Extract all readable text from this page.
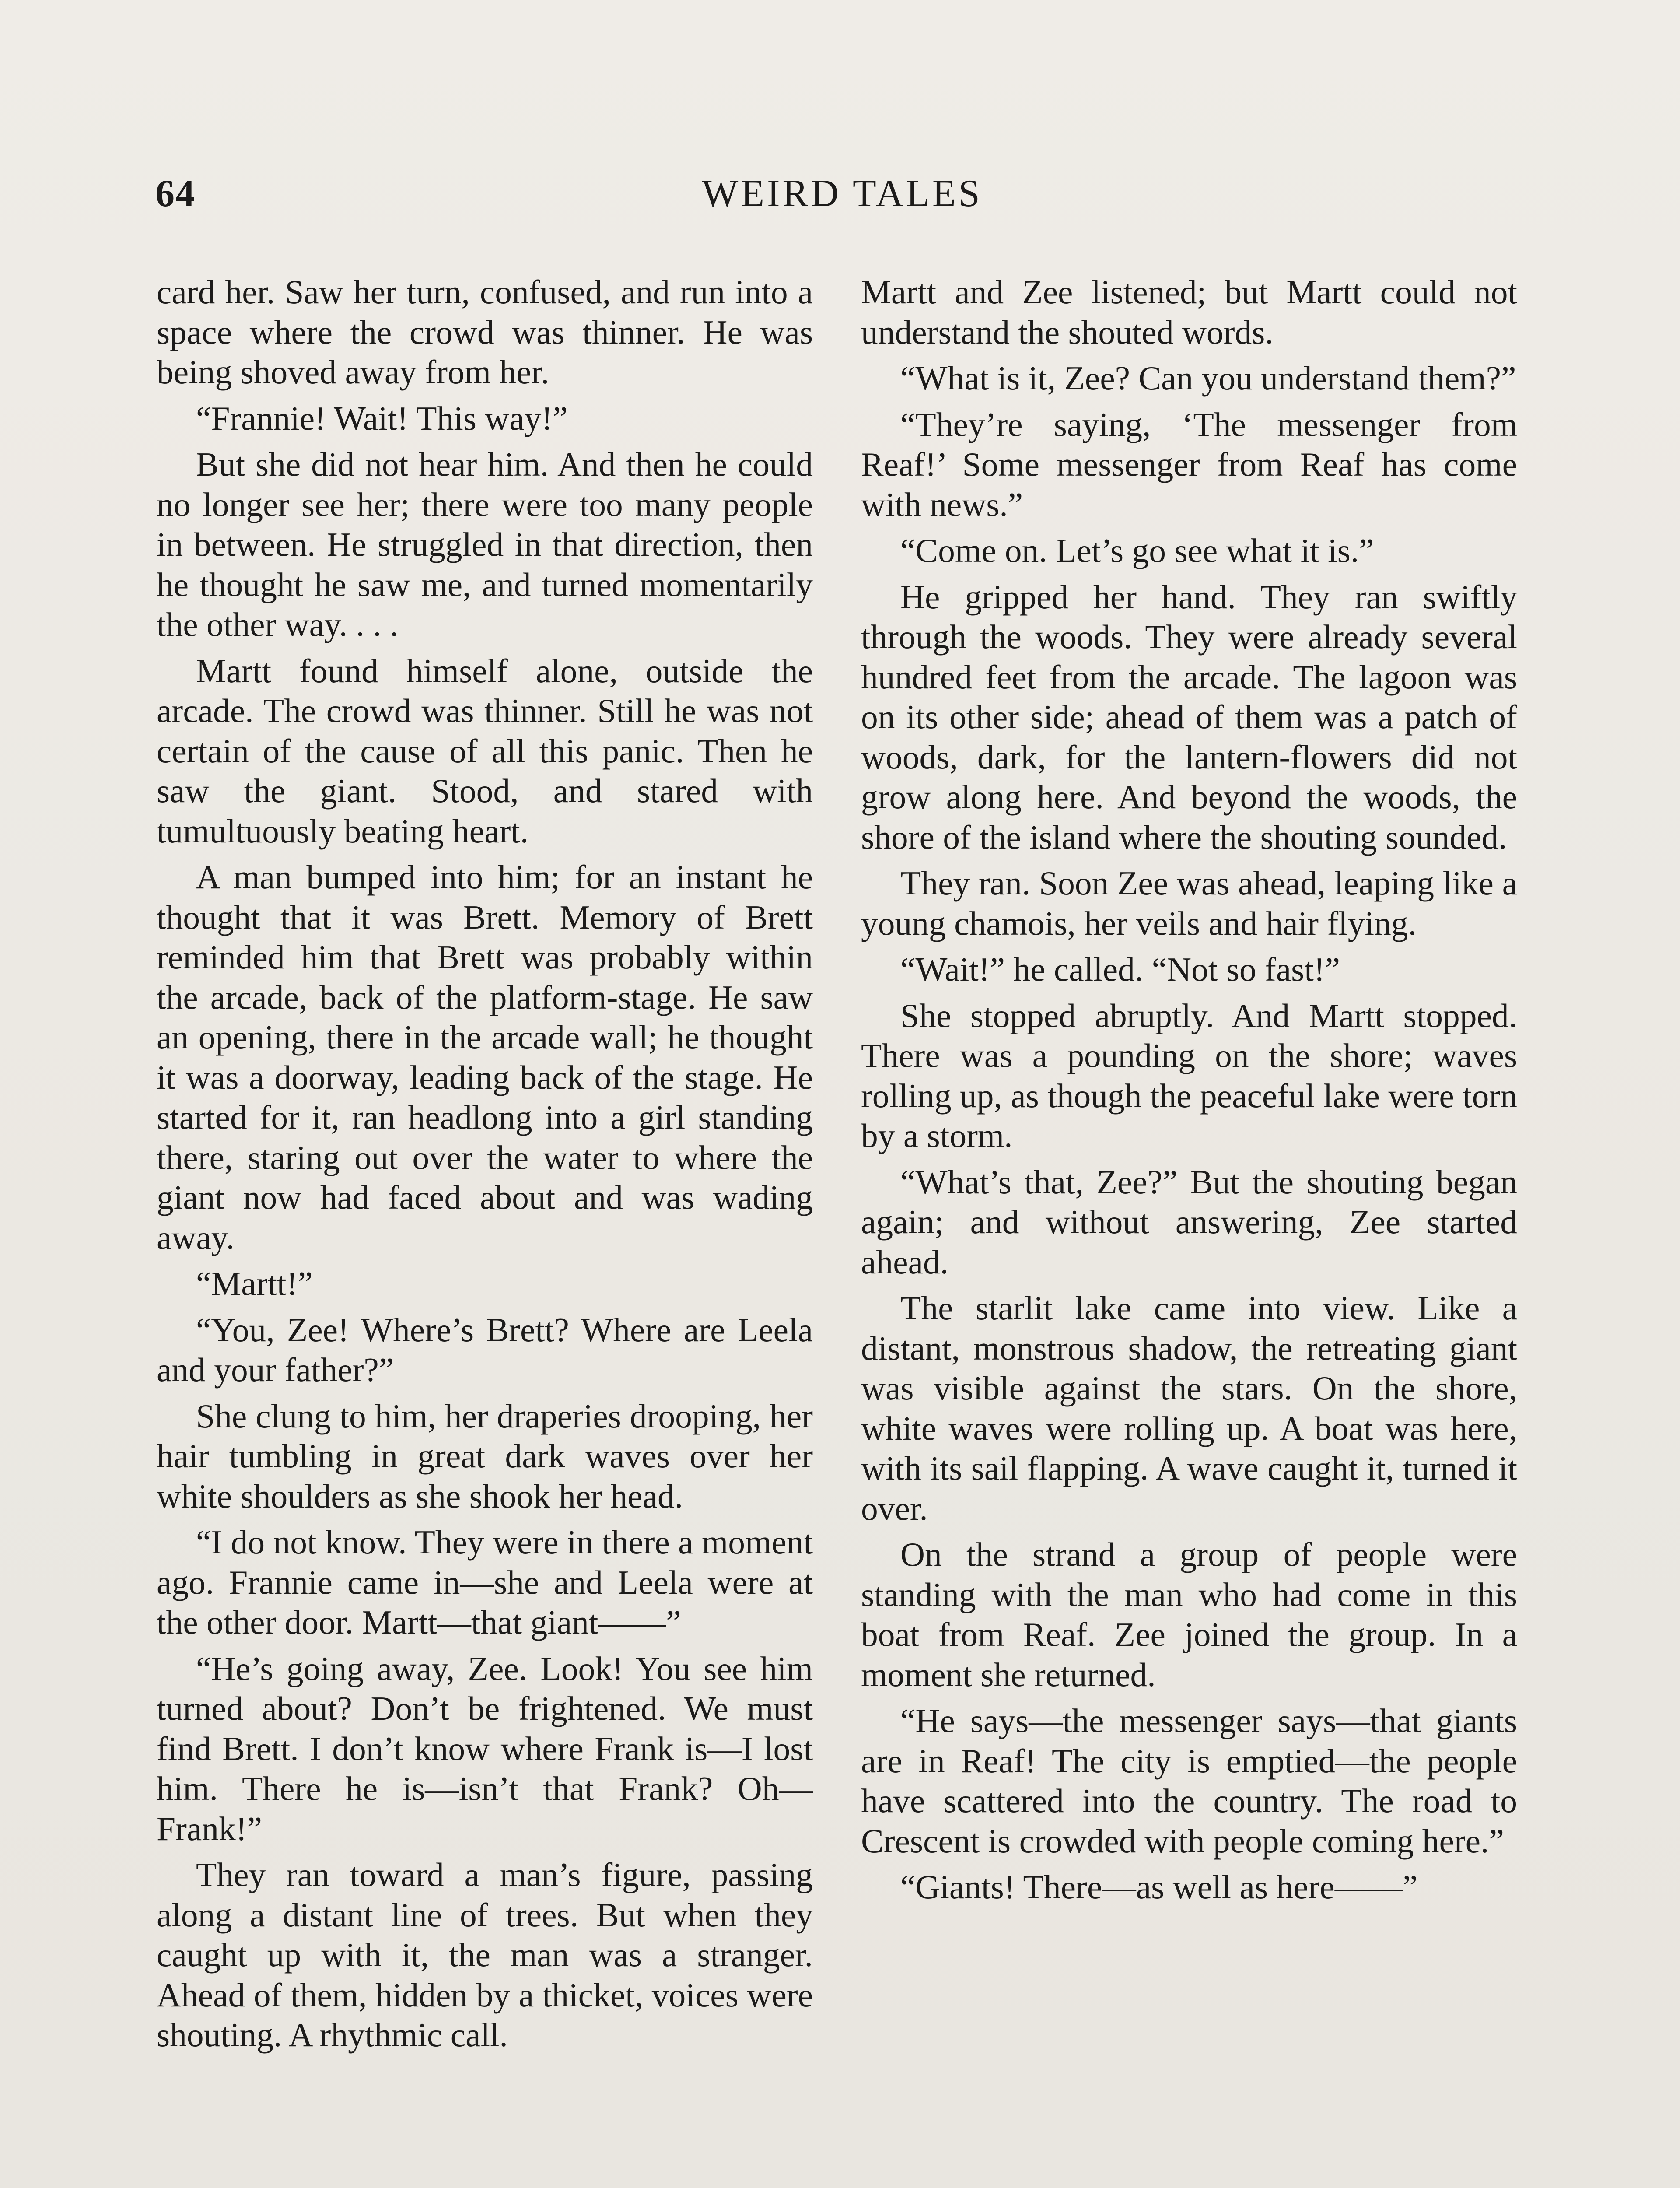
64	WEIRD TALES

card her. Saw her turn, confused, and run into a space where the crowd was thinner. He was being shoved away from her.

“Frannie! Wait! This way!”

But she did not hear him. And then he could no longer see her; there were too many people in between. He struggled in that direction, then he thought he saw me, and turned momentarily the other way. . . .

Martt found himself alone, outside the arcade. The crowd was thinner. Still he was not certain of the cause of all this panic. Then he saw the giant. Stood, and stared with tumultuously beating heart.

A man bumped into him; for an instant he thought that it was Brett. Memory of Brett reminded him that Brett was probably within the arcade, back of the platform-stage. He saw an opening, there in the arcade wall; he thought it was a doorway, leading back of the stage. He started for it, ran headlong into a girl standing there, staring out over the water to where the giant now had faced about and was wading away.

“Martt!”

“You, Zee! Where’s Brett? Where are Leela and your father?”

She clung to him, her draperies drooping, her hair tumbling in great dark waves over her white shoulders as she shook her head.

“I do not know. They were in there a moment ago. Frannie came in—she and Leela were at the other door. Martt—that giant——”

“He’s going away, Zee. Look! You see him turned about? Don’t be frightened. We must find Brett. I don’t know where Frank is—I lost him. There he is—isn’t that Frank? Oh—Frank!”

They ran toward a man’s figure, passing along a distant line of trees. But when they caught up with it, the man was a stranger. Ahead of them, hidden by a thicket, voices were shouting. A rhythmic call.

Martt and Zee listened; but Martt could not understand the shouted words.

“What is it, Zee? Can you understand them?”

“They’re saying, ‘The messenger from Reaf!’ Some messenger from Reaf has come with news.”

“Come on. Let’s go see what it is.”

He gripped her hand. They ran swiftly through the woods. They were already several hundred feet from the arcade. The lagoon was on its other side; ahead of them was a patch of woods, dark, for the lantern-flowers did not grow along here. And beyond the woods, the shore of the island where the shouting sounded.

They ran. Soon Zee was ahead, leaping like a young chamois, her veils and hair flying.

“Wait!” he called. “Not so fast!”

She stopped abruptly. And Martt stopped. There was a pounding on the shore; waves rolling up, as though the peaceful lake were torn by a storm.

“What’s that, Zee?” But the shouting began again; and without answering, Zee started ahead.

The starlit lake came into view. Like a distant, monstrous shadow, the retreating giant was visible against the stars. On the shore, white waves were rolling up. A boat was here, with its sail flapping. A wave caught it, turned it over.

On the strand a group of people were standing with the man who had come in this boat from Reaf. Zee joined the group. In a moment she returned.

“He says—the messenger says—that giants are in Reaf! The city is emptied—the people have scattered into the country. The road to Crescent is crowded with people coming here.”

“Giants! There—as well as here——”
